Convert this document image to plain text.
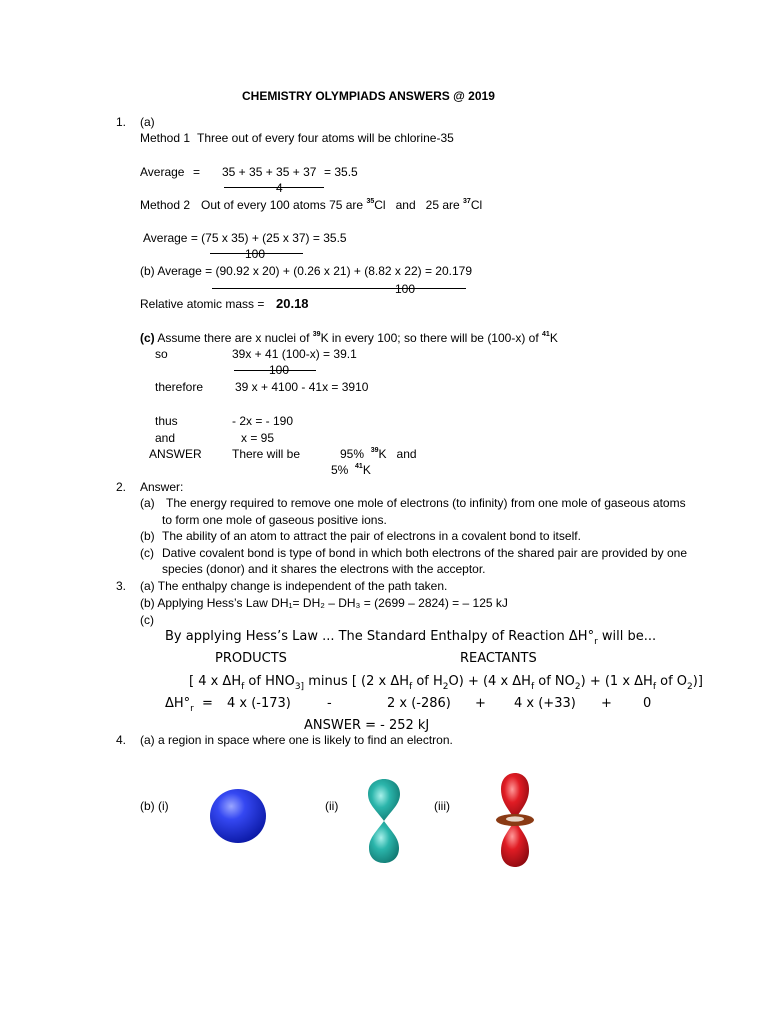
CHEMISTRY OLYMPIADS ANSWERS @ 2019
1. (a)
Method 1 Three out of every four atoms will be chlorine-35
Average = 35 + 35 + 35 + 37 = 35.5
4
Method 2 Out of every 100 atoms 75 are $^{35}$Cl and 25 are $^{37}$Cl
Average = (75 x 35) + (25 x 37) = 35.5
100
(b) Average = (90.92 x 20) + (0.26 x 21) + (8.82 x 22) = 20.179
100
Relative atomic mass = 20.18
(c) Assume there are x nuclei of $^{39}$K in every 100; so there will be (100-x) of $^{41}$K
so	39x + 41 (100-x) = 39.1
100
therefore	39 x + 4100 - 41x = 3910
thus	- 2x = - 190
and	x = 95
ANSWER	There will be	95% $^{39}$K and
5% $^{41}$K
2. Answer:
(a) The energy required to remove one mole of electrons (to infinity) from one mole of gaseous atoms
to form one mole of gaseous positive ions.
(b) The ability of an atom to attract the pair of electrons in a covalent bond to itself.
(c) Dative covalent bond is type of bond in which both electrons of the shared pair are provided by one
species (donor) and it shares the electrons with the acceptor.
3. (a) The enthalpy change is independent of the path taken.
(b) Applying Hess’s Law DH₁= DH₂ – DH₃ = (2699 – 2824) = – 125 kJ
(c)
By applying Hess’s Law ... The Standard Enthalpy of Reaction $\Delta H^\circ_r$ will be...
PRODUCTS	REACTANTS
[ 4 x $\Delta H_f$ of $HNO_{3]}$ minus [ (2 x $\Delta H_f$ of $H_2O) + (4$ x $\Delta H_f$ of $NO_2) + (1$ x $\Delta H_f$ of $O_2$)]
$\Delta H^\circ_r = 4$ x (-173)	-	2 x (-286) + 4 x (+33) + 0
ANSWER = - 252 kJ
4. (a) a region in space where one is likely to find an electron.
(b) (i)	(ii)	(iii)
